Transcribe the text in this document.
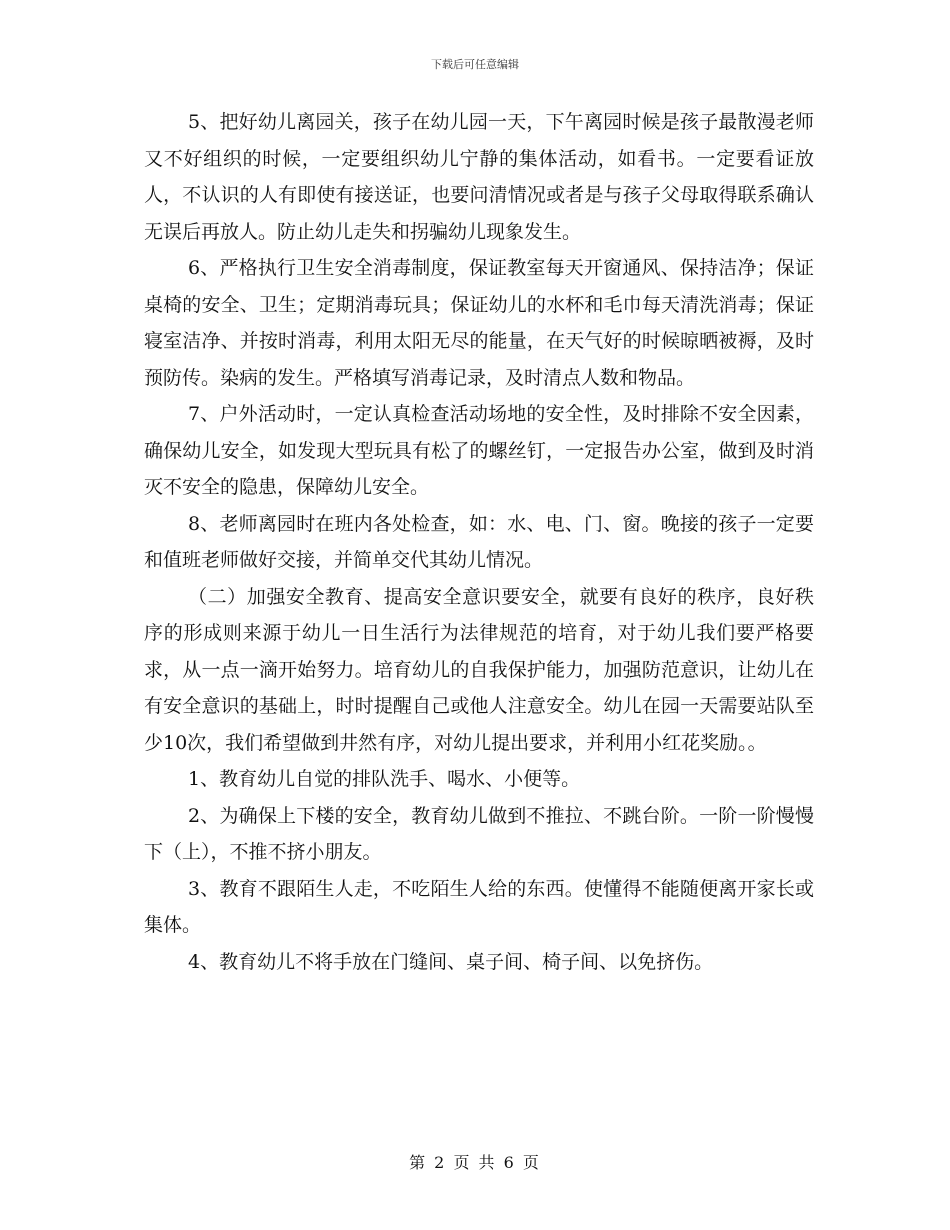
下载后可任意编辑

5、把好幼儿离园关，孩子在幼儿园一天，下午离园时候是孩子最散漫老师又不好组织的时候，一定要组织幼儿宁静的集体活动，如看书。一定要看证放人，不认识的人有即使有接送证，也要问清情况或者是与孩子父母取得联系确认无误后再放人。防止幼儿走失和拐骗幼儿现象发生。

6、严格执行卫生安全消毒制度，保证教室每天开窗通风、保持洁净；保证桌椅的安全、卫生；定期消毒玩具；保证幼儿的水杯和毛巾每天清洗消毒；保证寝室洁净、并按时消毒，利用太阳无尽的能量，在天气好的时候晾晒被褥，及时预防传。染病的发生。严格填写消毒记录，及时清点人数和物品。

7、户外活动时，一定认真检查活动场地的安全性，及时排除不安全因素，确保幼儿安全，如发现大型玩具有松了的螺丝钉，一定报告办公室，做到及时消灭不安全的隐患，保障幼儿安全。

8、老师离园时在班内各处检查，如：水、电、门、窗。晚接的孩子一定要和值班老师做好交接，并简单交代其幼儿情况。

（二）加强安全教育、提高安全意识要安全，就要有良好的秩序，良好秩序的形成则来源于幼儿一日生活行为法律规范的培育，对于幼儿我们要严格要求，从一点一滴开始努力。培育幼儿的自我保护能力，加强防范意识，让幼儿在有安全意识的基础上，时时提醒自己或他人注意安全。幼儿在园一天需要站队至少10次，我们希望做到井然有序，对幼儿提出要求，并利用小红花奖励。。

1、教育幼儿自觉的排队洗手、喝水、小便等。

2、为确保上下楼的安全，教育幼儿做到不推拉、不跳台阶。一阶一阶慢慢下（上），不推不挤小朋友。

3、教育不跟陌生人走，不吃陌生人给的东西。使懂得不能随便离开家长或集体。

4、教育幼儿不将手放在门缝间、桌子间、椅子间、以免挤伤。

第 2 页 共 6 页
